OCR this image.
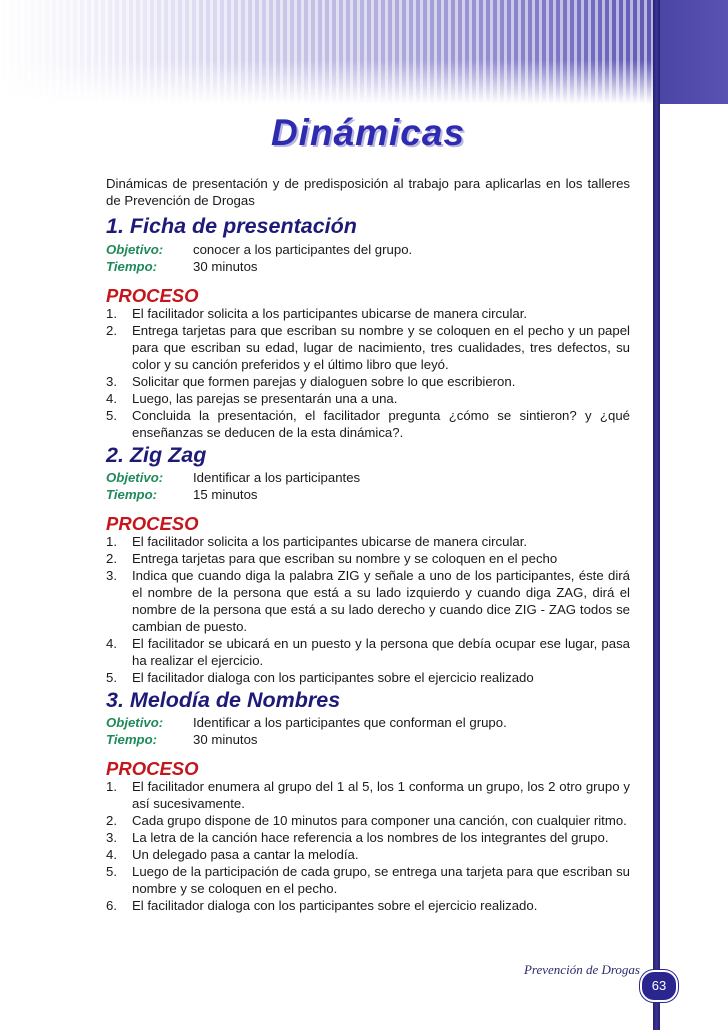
Dinámicas

Dinámicas de presentación y de predisposición al trabajo para aplicarlas en los talleres de Prevención de Drogas

1. Ficha de presentación
Objetivo:	conocer a los participantes del grupo.
Tiempo:	30 minutos
PROCESO
1.	El facilitador solicita a los participantes ubicarse de manera circular.
2.	Entrega tarjetas para que escriban su nombre y se coloquen en el pecho y un papel para que escriban su edad, lugar de nacimiento, tres cualidades, tres defectos, su color y su canción preferidos y el último libro que leyó.
3.	Solicitar que formen parejas y dialoguen sobre lo que escribieron.
4.	Luego, las parejas se presentarán una a una.
5.	Concluida la presentación, el facilitador pregunta ¿cómo se sintieron? y ¿qué enseñanzas se deducen de la esta dinámica?.
2. Zig Zag
Objetivo:	Identificar a los participantes
Tiempo:	15 minutos
PROCESO
1.	El facilitador solicita a los participantes ubicarse de manera circular.
2.	Entrega tarjetas para que escriban su nombre y se coloquen en el pecho
3.	Indica que cuando diga la palabra ZIG y señale a uno de los participantes, éste dirá el nombre de la persona que está a su lado izquierdo y cuando diga ZAG, dirá el nombre de la persona que está a su lado derecho y cuando dice ZIG - ZAG todos se cambian de puesto.
4.	El facilitador se ubicará en un puesto y la persona que debía ocupar ese lugar, pasa ha realizar el ejercicio.
5.	El facilitador dialoga con los participantes sobre el ejercicio realizado
3. Melodía de Nombres
Objetivo:	Identificar a los participantes que conforman el grupo.
Tiempo:	30 minutos
PROCESO
1.	El facilitador enumera al grupo del 1 al 5, los 1 conforma un grupo, los 2 otro grupo y así sucesivamente.
2.	Cada grupo dispone de 10 minutos para componer una canción, con cualquier ritmo.
3.	La letra de la canción hace referencia a los nombres de los integrantes del grupo.
4.	Un delegado pasa a cantar la melodía.
5.	Luego de la participación de cada grupo, se entrega una tarjeta para que escriban su nombre y se coloquen en el pecho.
6.	El facilitador dialoga con los participantes sobre el ejercicio realizado.
Prevención de Drogas
63
